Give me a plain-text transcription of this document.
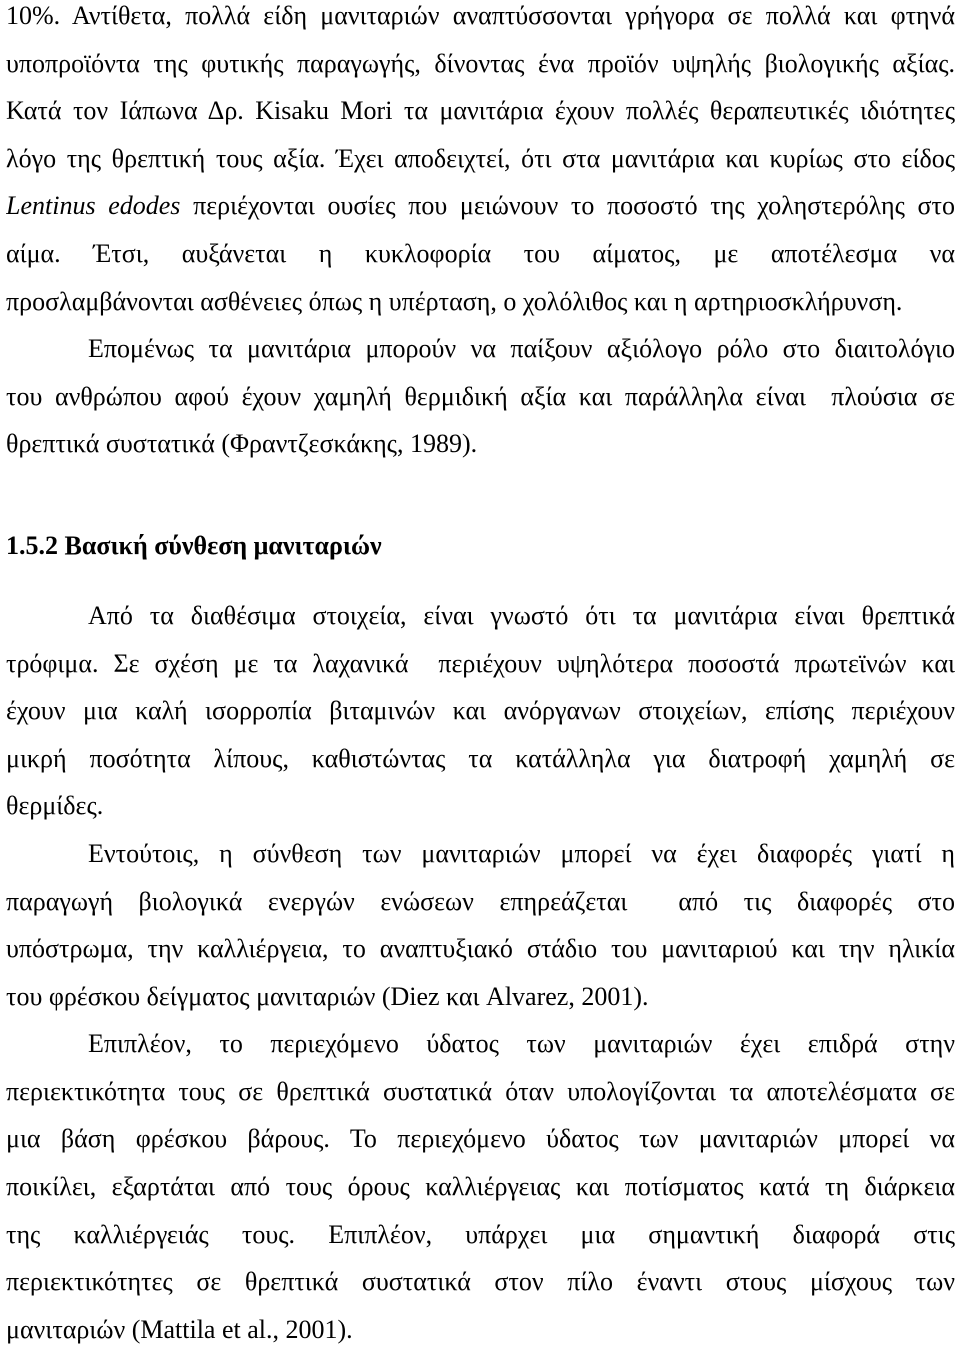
10%. Αντίθετα, πολλά είδη μανιταριών αναπτύσσονται γρήγορα σε πολλά και φτηνά
υποπροϊόντα της φυτικής παραγωγής, δίνοντας ένα προϊόν υψηλής βιολογικής αξίας.
Κατά τον Ιάπωνα Δρ. Kisaku Mori τα μανιτάρια έχουν πολλές θεραπευτικές ιδιότητες
λόγο της θρεπτική τους αξία. Έχει αποδειχτεί, ότι στα μανιτάρια και κυρίως στο είδος
Lentinus edodes περιέχονται ουσίες που μειώνουν το ποσοστό της χοληστερόλης στο
αίμα. Έτσι, αυξάνεται η κυκλοφορία του αίματος, με αποτέλεσμα να
προσλαμβάνονται ασθένειες όπως η υπέρταση, ο χολόλιθος και η αρτηριοσκλήρυνση.
Επομένως τα μανιτάρια μπορούν να παίξουν αξιόλογο ρόλο στο διαιτολόγιο
του ανθρώπου αφού έχουν χαμηλή θερμιδική αξία και παράλληλα είναι  πλούσια σε
θρεπτικά συστατικά (Φραντζεσκάκης, 1989).
1.5.2 Βασική σύνθεση μανιταριών
Από τα διαθέσιμα στοιχεία, είναι γνωστό ότι τα μανιτάρια είναι θρεπτικά
τρόφιμα. Σε σχέση με τα λαχανικά  περιέχουν υψηλότερα ποσοστά πρωτεϊνών και
έχουν μια καλή ισορροπία βιταμινών και ανόργανων στοιχείων, επίσης περιέχουν
μικρή ποσότητα λίπους, καθιστώντας τα κατάλληλα για διατροφή χαμηλή σε
θερμίδες.
Εντούτοις, η σύνθεση των μανιταριών μπορεί να έχει διαφορές γιατί η
παραγωγή βιολογικά ενεργών ενώσεων επηρεάζεται  από τις διαφορές στο
υπόστρωμα, την καλλιέργεια, το αναπτυξιακό στάδιο του μανιταριού και την ηλικία
του φρέσκου δείγματος μανιταριών (Diez και Alvarez, 2001).
Επιπλέον, το περιεχόμενο ύδατος των μανιταριών έχει επιδρά στην
περιεκτικότητα τους σε θρεπτικά συστατικά όταν υπολογίζονται τα αποτελέσματα σε
μια βάση φρέσκου βάρους. Το περιεχόμενο ύδατος των μανιταριών μπορεί να
ποικίλει, εξαρτάται από τους όρους καλλιέργειας και ποτίσματος κατά τη διάρκεια
της καλλιέργειάς τους. Επιπλέον, υπάρχει μια σημαντική διαφορά στις
περιεκτικότητες σε θρεπτικά συστατικά στον πίλο έναντι στους μίσχους των
μανιταριών (Mattila et al., 2001).
